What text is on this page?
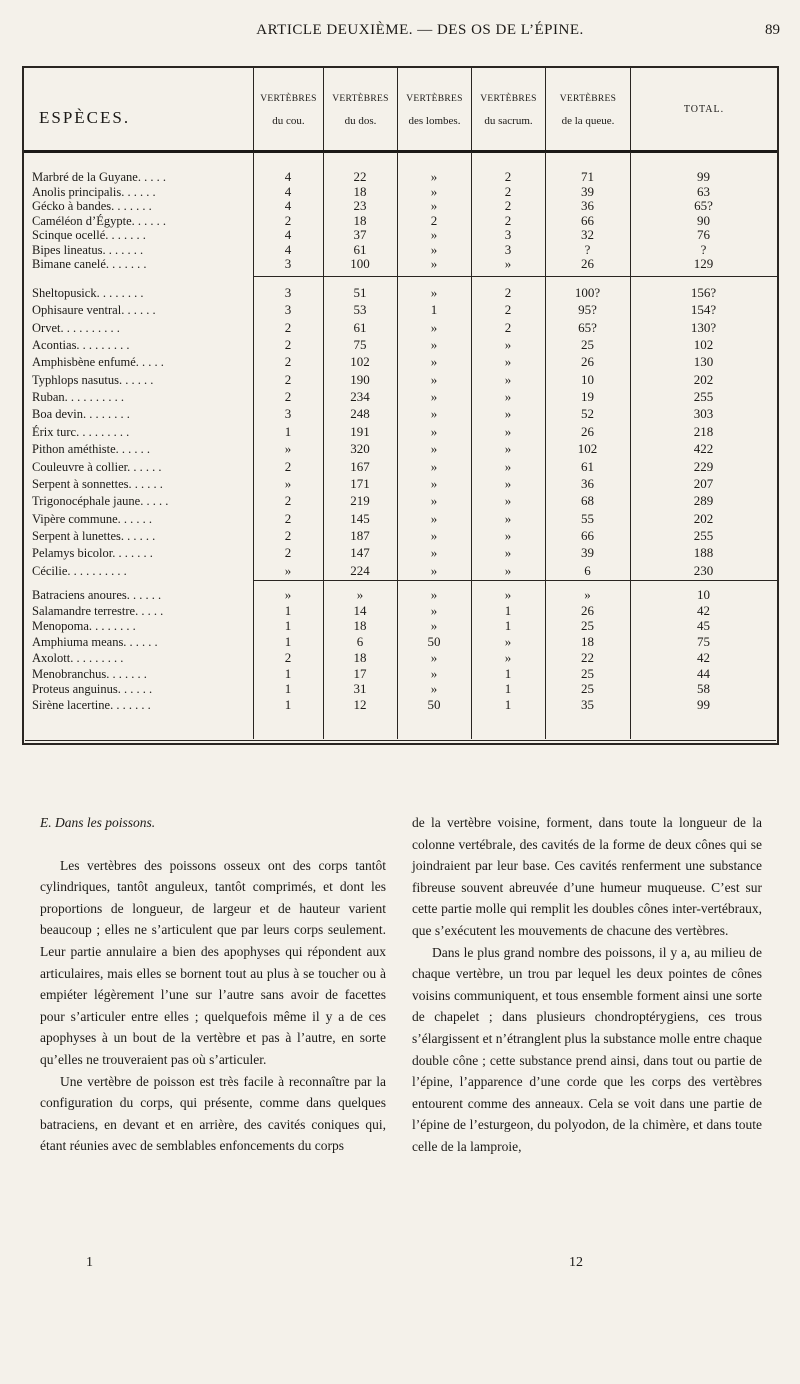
ARTICLE DEUXIÈME. — DES OS DE L’ÉPINE.	89
ESPÈCES.
VERTÈBRES
du cou.
VERTÈBRES
du dos.
VERTÈBRES
des lombes.
VERTÈBRES
du sacrum.
VERTÈBRES
de la queue.
TOTAL.
Marbré de la Guyane. . . . .	4	22	»	2	71	99
Anolis principalis. . . . . .	4	18	»	2	39	63
Gécko à bandes. . . . . . .	4	23	»	2	36	65?
Caméléon d’Égypte. . . . . .	2	18	2	2	66	90
Scinque ocellé. . . . . . .	4	37	»	3	32	76
Bipes lineatus. . . . . . .	4	61	»	3	?	?
Bimane canelé. . . . . . .	3	100	»	»	26	129
Sheltopusick. . . . . . . .	3	51	»	2	100?	156?
Ophisaure ventral. . . . . .	3	53	1	2	95?	154?
Orvet. . . . . . . . . .	2	61	»	2	65?	130?
Acontias. . . . . . . . .	2	75	»	»	25	102
Amphisbène enfumé. . . . .	2	102	»	»	26	130
Typhlops nasutus. . . . . .	2	190	»	»	10	202
Ruban. . . . . . . . . .	2	234	»	»	19	255
Boa devin. . . . . . . .	3	248	»	»	52	303
Érix turc. . . . . . . . .	1	191	»	»	26	218
Pithon améthiste. . . . . .	»	320	»	»	102	422
Couleuvre à collier. . . . . .	2	167	»	»	61	229
Serpent à sonnettes. . . . . .	»	171	»	»	36	207
Trigonocéphale jaune. . . . .	2	219	»	»	68	289
Vipère commune. . . . . .	2	145	»	»	55	202
Serpent à lunettes. . . . . .	2	187	»	»	66	255
Pelamys bicolor. . . . . . .	2	147	»	»	39	188
Cécilie. . . . . . . . . .	»	224	»	»	6	230
Batraciens anoures. . . . . .	»	»	»	»	»	10
Salamandre terrestre. . . . .	1	14	»	1	26	42
Menopoma. . . . . . . .	1	18	»	1	25	45
Amphiuma means. . . . . .	1	6	50	»	18	75
Axolott. . . . . . . . .	2	18	»	»	22	42
Menobranchus. . . . . . .	1	17	»	1	25	44
Proteus anguinus. . . . . .	1	31	»	1	25	58
Sirène lacertine. . . . . . .	1	12	50	1	35	99

E. Dans les poissons.

Les vertèbres des poissons osseux ont des corps tantôt cylindriques, tantôt anguleux, tantôt comprimés, et dont les proportions de longueur, de largeur et de hauteur varient beaucoup ; elles ne s’articulent que par leurs corps seulement. Leur partie annulaire a bien des apophyses qui répondent aux articulaires, mais elles se bornent tout au plus à se toucher ou à empiéter légèrement l’une sur l’autre sans avoir de facettes pour s’articuler entre elles ; quelquefois même il y a de ces apophyses à un bout de la vertèbre et pas à l’autre, en sorte qu’elles ne trouveraient pas où s’articuler.

Une vertèbre de poisson est très facile à reconnaître par la configuration du corps, qui présente, comme dans quelques batraciens, en devant et en arrière, des cavités coniques qui, étant réunies avec de semblables enfoncements du corps

de la vertèbre voisine, forment, dans toute la longueur de la colonne vertébrale, des cavités de la forme de deux cônes qui se joindraient par leur base. Ces cavités renferment une substance fibreuse souvent abreuvée d’une humeur muqueuse. C’est sur cette partie molle qui remplit les doubles cônes inter-vertébraux, que s’exécutent les mouvements de chacune des vertèbres.

Dans le plus grand nombre des poissons, il y a, au milieu de chaque vertèbre, un trou par lequel les deux pointes de cônes voisins communiquent, et tous ensemble forment ainsi une sorte de chapelet ; dans plusieurs chondroptérygiens, ces trous s’élargissent et n’étranglent plus la substance molle entre chaque double cône ; cette substance prend ainsi, dans tout ou partie de l’épine, l’apparence d’une corde que les corps des vertèbres entourent comme des anneaux. Cela se voit dans une partie de l’épine de l’esturgeon, du polyodon, de la chimère, et dans toute celle de la lamproie,

1	12
